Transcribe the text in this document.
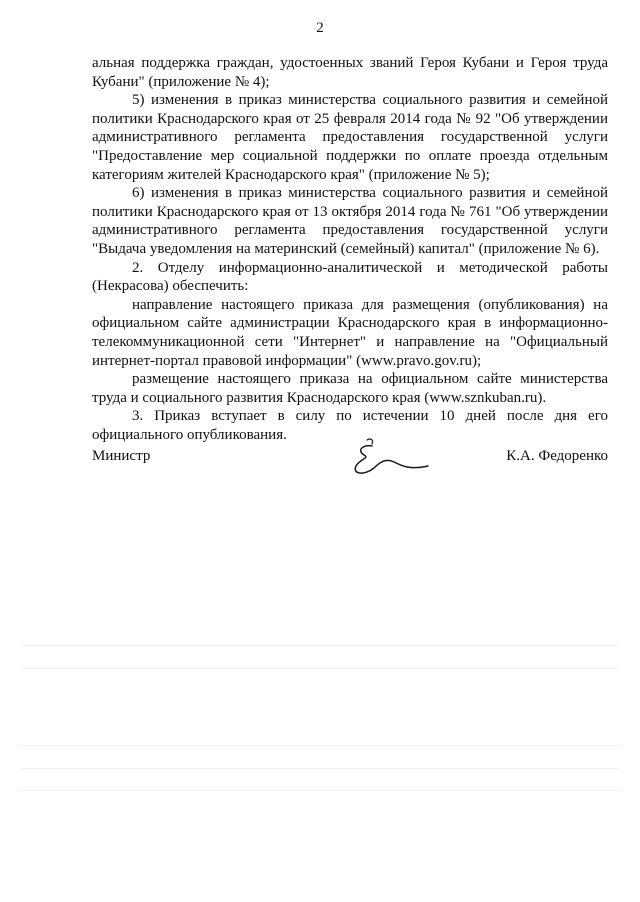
2

альная поддержка граждан, удостоенных званий Героя Кубани и Героя труда Кубани" (приложение № 4);

5) изменения в приказ министерства социального развития и семейной политики Краснодарского края от 25 февраля 2014 года № 92 "Об утверждении административного регламента предоставления государственной услуги "Предоставление мер социальной поддержки по оплате проезда отдельным категориям жителей Краснодарского края" (приложение № 5);

6) изменения в приказ министерства социального развития и семейной политики Краснодарского края от 13 октября 2014 года № 761 "Об утверждении административного регламента предоставления государственной услуги "Выдача уведомления на материнский (семейный) капитал" (приложение № 6).

2. Отделу информационно-аналитической и методической работы (Некрасова) обеспечить:

направление настоящего приказа для размещения (опубликования) на официальном сайте администрации Краснодарского края в информационно-телекоммуникационной сети "Интернет" и направление на "Официальный интернет-портал правовой информации" (www.pravo.gov.ru);

размещение настоящего приказа на официальном сайте министерства труда и социального развития Краснодарского края (www.sznkuban.ru).

3. Приказ вступает в силу по истечении 10 дней после дня его официального опубликования.

Министр	К.А. Федоренко
